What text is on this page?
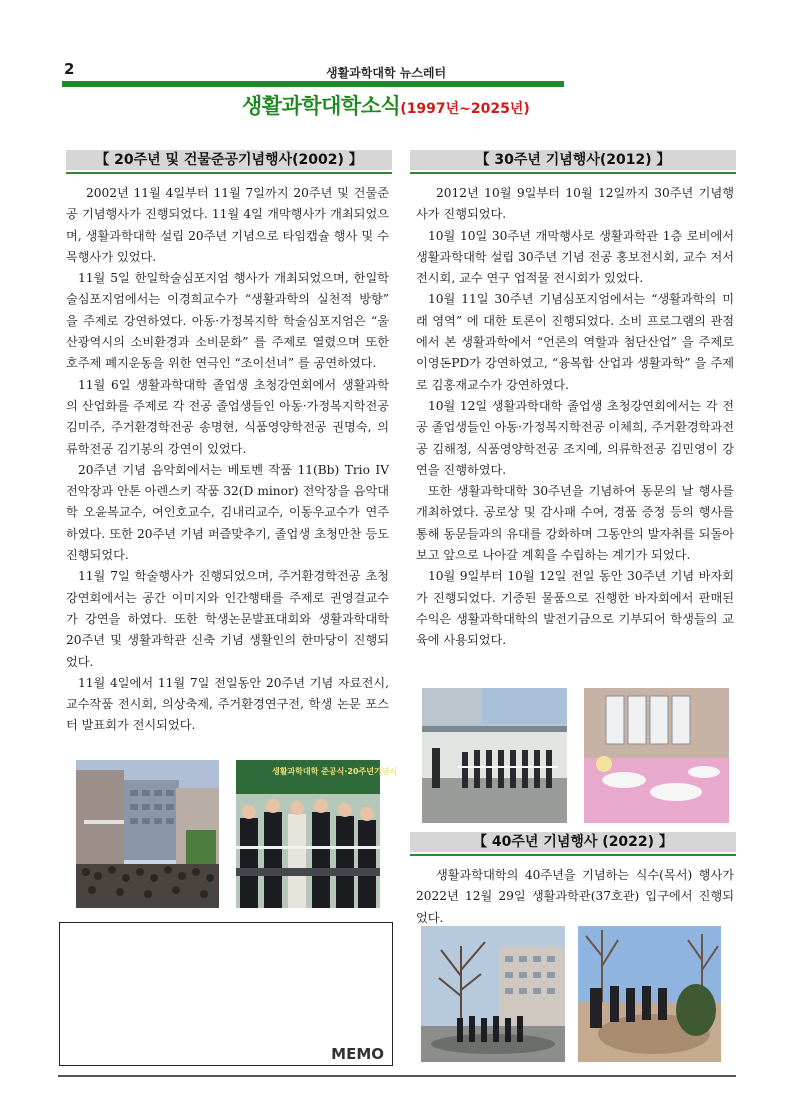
2	생활과학대학 뉴스레터
생활과학대학소식(1997년~2025년)
【 20주년 및 건물준공기념행사(2002) 】

2002년 11월 4일부터 11월 7일까지 20주년 및 건물준공 기념행사가 진행되었다. 11월 4일 개막행사가 개최되었으며, 생활과학대학 설립 20주년 기념으로 타임캡슐 행사 및 수목행사가 있었다.

11월 5일 한일학술심포지엄 행사가 개최되었으며, 한일학술심포지엄에서는 이경희교수가 “생활과학의 실천적 방향” 을 주제로 강연하였다. 아동·가정복지학 학술심포지엄은 “울산광역시의 소비환경과 소비문화” 를 주제로 열렸으며 또한 호주제 폐지운동을 위한 연극인 “조이선녀” 를 공연하였다.

11월 6일 생활과학대학 졸업생 초청강연회에서 생활과학의 산업화를 주제로 각 전공 졸업생들인 아동·가정복지학전공 김미주, 주거환경학전공 송명현, 식품영양학전공 권명숙, 의류학전공 김기봉의 강연이 있었다.

20주년 기념 음악회에서는 베토벤 작품 11(Bb) Trio IV 전악장과 안톤 아렌스키 작품 32(D minor) 전악장을 음악대학 오윤복교수, 여인호교수, 김내리교수, 이동우교수가 연주하였다. 또한 20주년 기념 퍼즐맞추기, 졸업생 초청만찬 등도 진행되었다.

11월 7일 학술행사가 진행되었으며, 주거환경학전공 초청강연회에서는 공간 이미지와 인간행태를 주제로 권영걸교수가 강연을 하였다. 또한 학생논문발표대회와 생활과학대학 20주년 및 생활과학관 신축 기념 생활인의 한마당이 진행되었다.

11월 4일에서 11월 7일 전일동안 20주년 기념 자료전시, 교수작품 전시회, 의상축제, 주거환경연구전, 학생 논문 포스터 발표회가 전시되었다.

생활과학대학 준공식·20주년기념식
MEMO
【 30주년 기념행사(2012) 】

2012년 10월 9일부터 10월 12일까지 30주년 기념행사가 진행되었다.

10월 10일 30주년 개막행사로 생활과학관 1층 로비에서 생활과학대학 설립 30주년 기념 전공 홍보전시회, 교수 저서 전시회, 교수 연구 업적물 전시회가 있었다.

10월 11일 30주년 기념심포지엄에서는 “생활과학의 미래 영역” 에 대한 토론이 진행되었다. 소비 프로그램의 관점에서 본 생활과학에서 “언론의 역할과 첨단산업” 을 주제로 이영돈PD가 강연하였고, “융복합 산업과 생활과학” 을 주제로 김홍재교수가 강연하였다.

10월 12일 생활과학대학 졸업생 초청강연회에서는 각 전공 졸업생들인 아동·가정복지학전공 이체희, 주거환경학과전공 김해정, 식품영양학전공 조지예, 의류학전공 김민영이 강연을 진행하였다.

또한 생활과학대학 30주년을 기념하여 동문의 날 행사를 개최하였다. 공로상 및 감사패 수여, 경품 증정 등의 행사를 통해 동문들과의 유대를 강화하며 그동안의 발자취를 되돌아보고 앞으로 나아갈 계획을 수립하는 계기가 되었다.

10월 9일부터 10월 12일 전일 동안 30주년 기념 바자회가 진행되었다. 기증된 물품으로 진행한 바자회에서 판매된 수익은 생활과학대학의 발전기금으로 기부되어 학생들의 교육에 사용되었다.

【 40주년 기념행사 (2022) 】

생활과학대학의 40주년을 기념하는 식수(목서) 행사가 2022년 12월 29일 생활과학관(37호관) 입구에서 진행되었다.
